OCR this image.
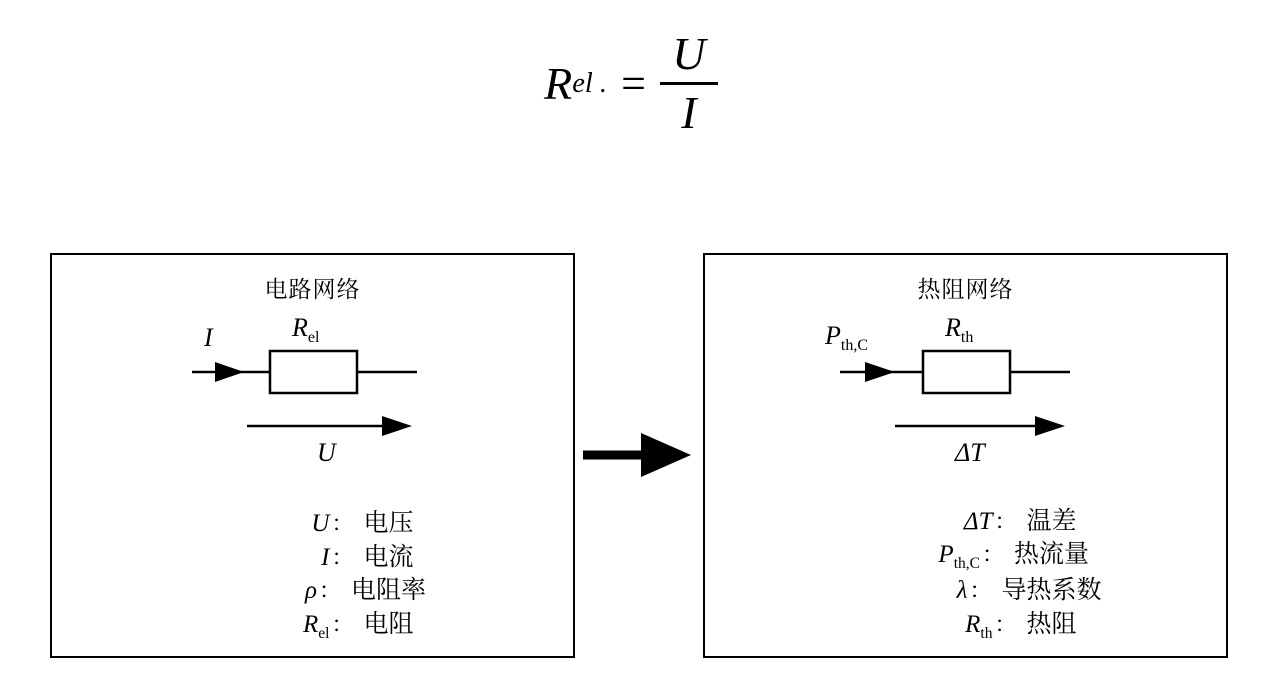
R el . = $\frac{U}{I}$
电路网络
I	$R_{el}$
U
U ： 电压
I ： 电流
ρ ： 电阻率
$R_{el}$ ： 电阻
热阻网络
$P_{th,C}$
$R_{th}$
ΔT
ΔT ： 温差
$P_{th,C}$ ： 热流量
λ ： 导热系数
$R_{th}$ ： 热阻
